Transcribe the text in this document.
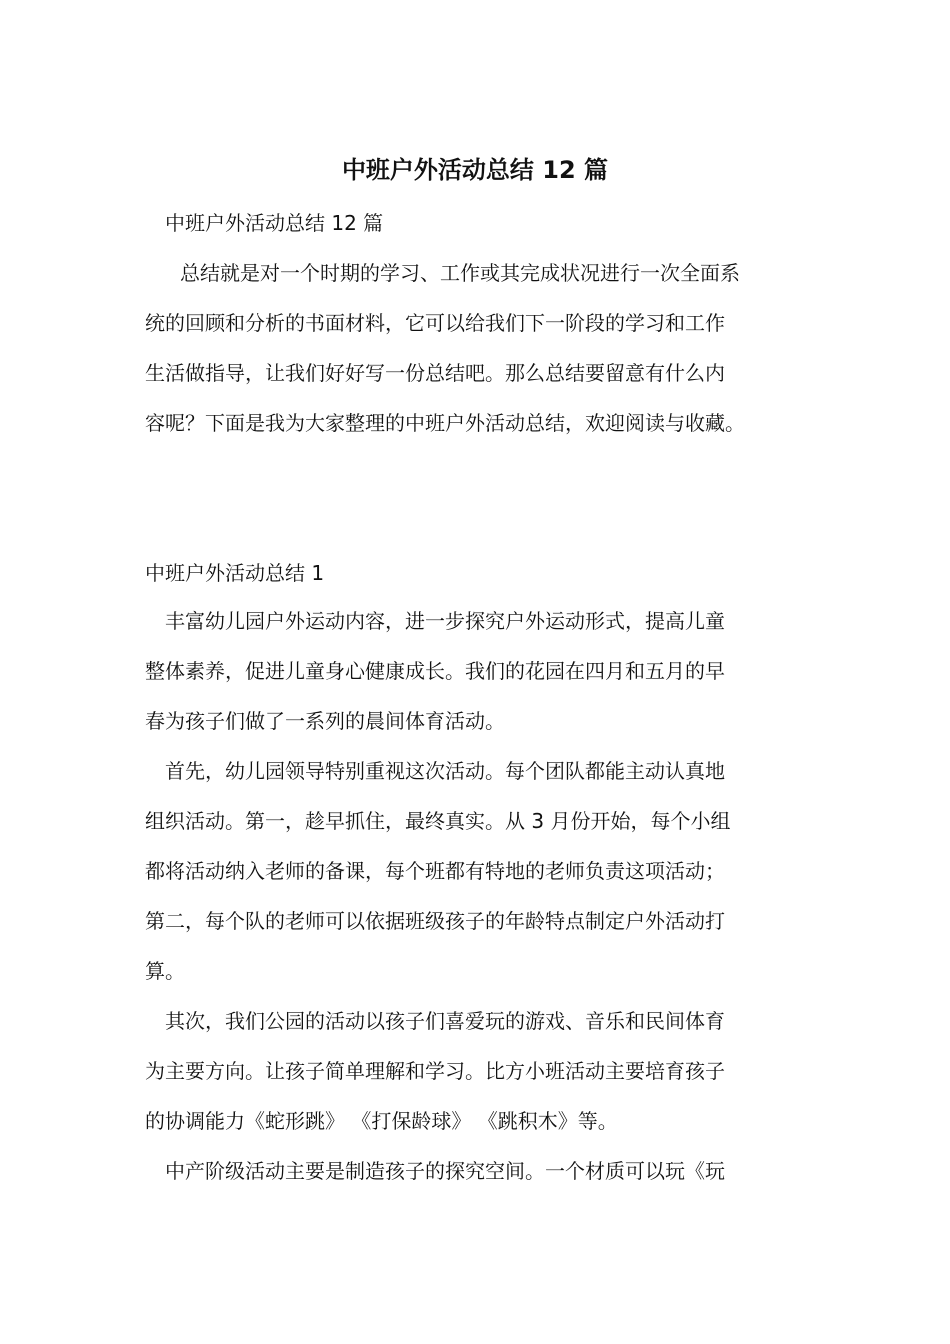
中班户外活动总结 12 篇
中班户外活动总结 12 篇
总结就是对一个时期的学习、工作或其完成状况进行一次全面系
统的回顾和分析的书面材料，它可以给我们下一阶段的学习和工作
生活做指导，让我们好好写一份总结吧。那么总结要留意有什么内
容呢？下面是我为大家整理的中班户外活动总结，欢迎阅读与收藏。
中班户外活动总结 1
丰富幼儿园户外运动内容，进一步探究户外运动形式，提高儿童
整体素养，促进儿童身心健康成长。我们的花园在四月和五月的早
春为孩子们做了一系列的晨间体育活动。
首先，幼儿园领导特别重视这次活动。每个团队都能主动认真地
组织活动。第一，趁早抓住，最终真实。从 3 月份开始，每个小组
都将活动纳入老师的备课，每个班都有特地的老师负责这项活动；
第二，每个队的老师可以依据班级孩子的年龄特点制定户外活动打
算。
其次，我们公园的活动以孩子们喜爱玩的游戏、音乐和民间体育
为主要方向。让孩子简单理解和学习。比方小班活动主要培育孩子
的协调能力《蛇形跳》 《打保龄球》 《跳积木》等。
中产阶级活动主要是制造孩子的探究空间。一个材质可以玩《玩
